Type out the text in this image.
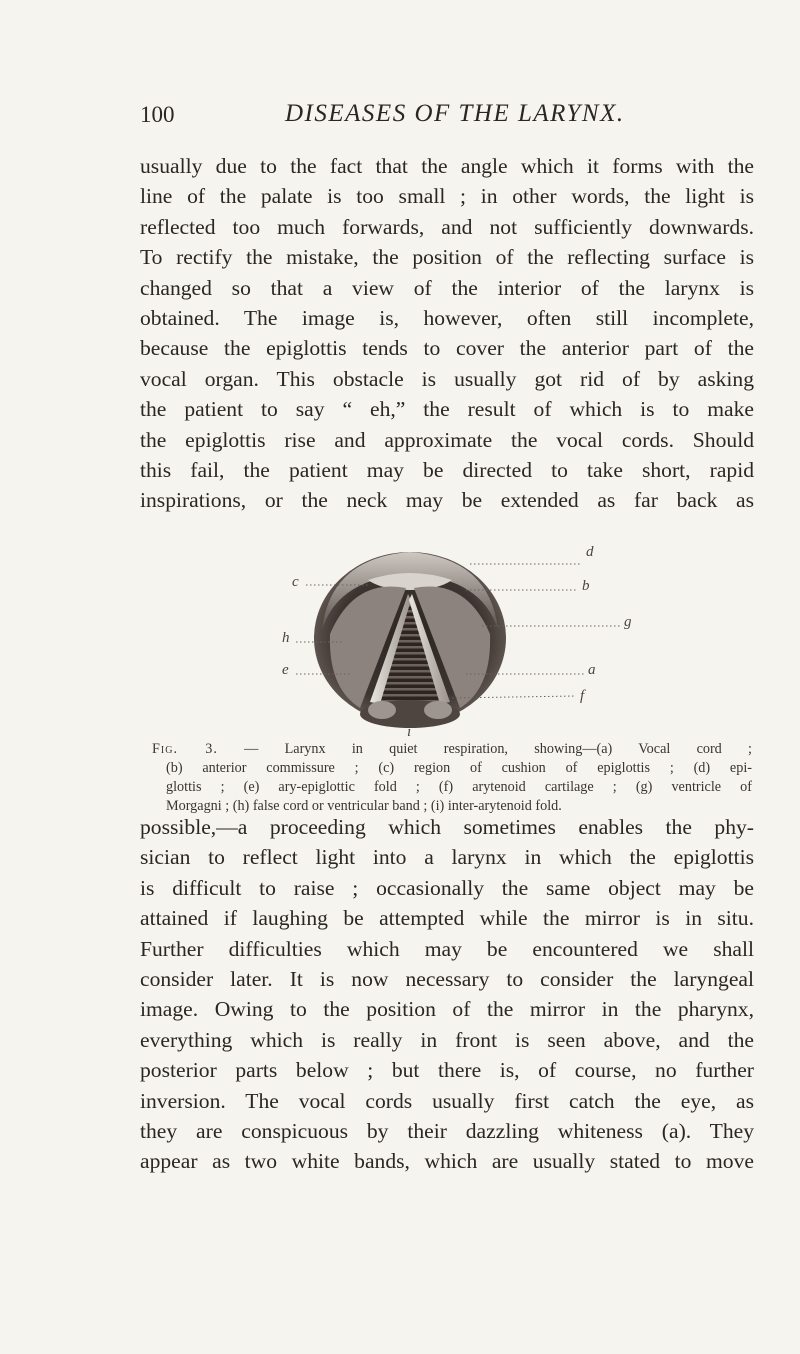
100	DISEASES OF THE LARYNX.
usually due to the fact that the angle which it forms with the
line of the palate is too small ; in other words, the light is
reflected too much forwards, and not sufficiently downwards.
To rectify the mistake, the position of the reflecting surface is
changed so that a view of the interior of the larynx is
obtained. The image is, however, often still incomplete,
because the epiglottis tends to cover the anterior part of the
vocal organ. This obstacle is usually got rid of by asking
the patient to say “ eh,” the result of which is to make
the epiglottis rise and approximate the vocal cords. Should
this fail, the patient may be directed to take short, rapid
inspirations, or the neck may be extended as far back as
c
h
e
d
b
g
a
f
i
Fig. 3. — Larynx in quiet respiration, showing—(a) Vocal cord ;
(b) anterior commissure ; (c) region of cushion of epiglottis ; (d) epi-
glottis ; (e) ary-epiglottic fold ; (f) arytenoid cartilage ; (g) ventricle of
Morgagni ; (h) false cord or ventricular band ; (i) inter-arytenoid fold.
possible,—a proceeding which sometimes enables the phy-
sician to reflect light into a larynx in which the epiglottis
is difficult to raise ; occasionally the same object may be
attained if laughing be attempted while the mirror is in situ.
Further difficulties which may be encountered we shall
consider later. It is now necessary to consider the laryngeal
image. Owing to the position of the mirror in the pharynx,
everything which is really in front is seen above, and the
posterior parts below ; but there is, of course, no further
inversion. The vocal cords usually first catch the eye, as
they are conspicuous by their dazzling whiteness (a). They
appear as two white bands, which are usually stated to move
